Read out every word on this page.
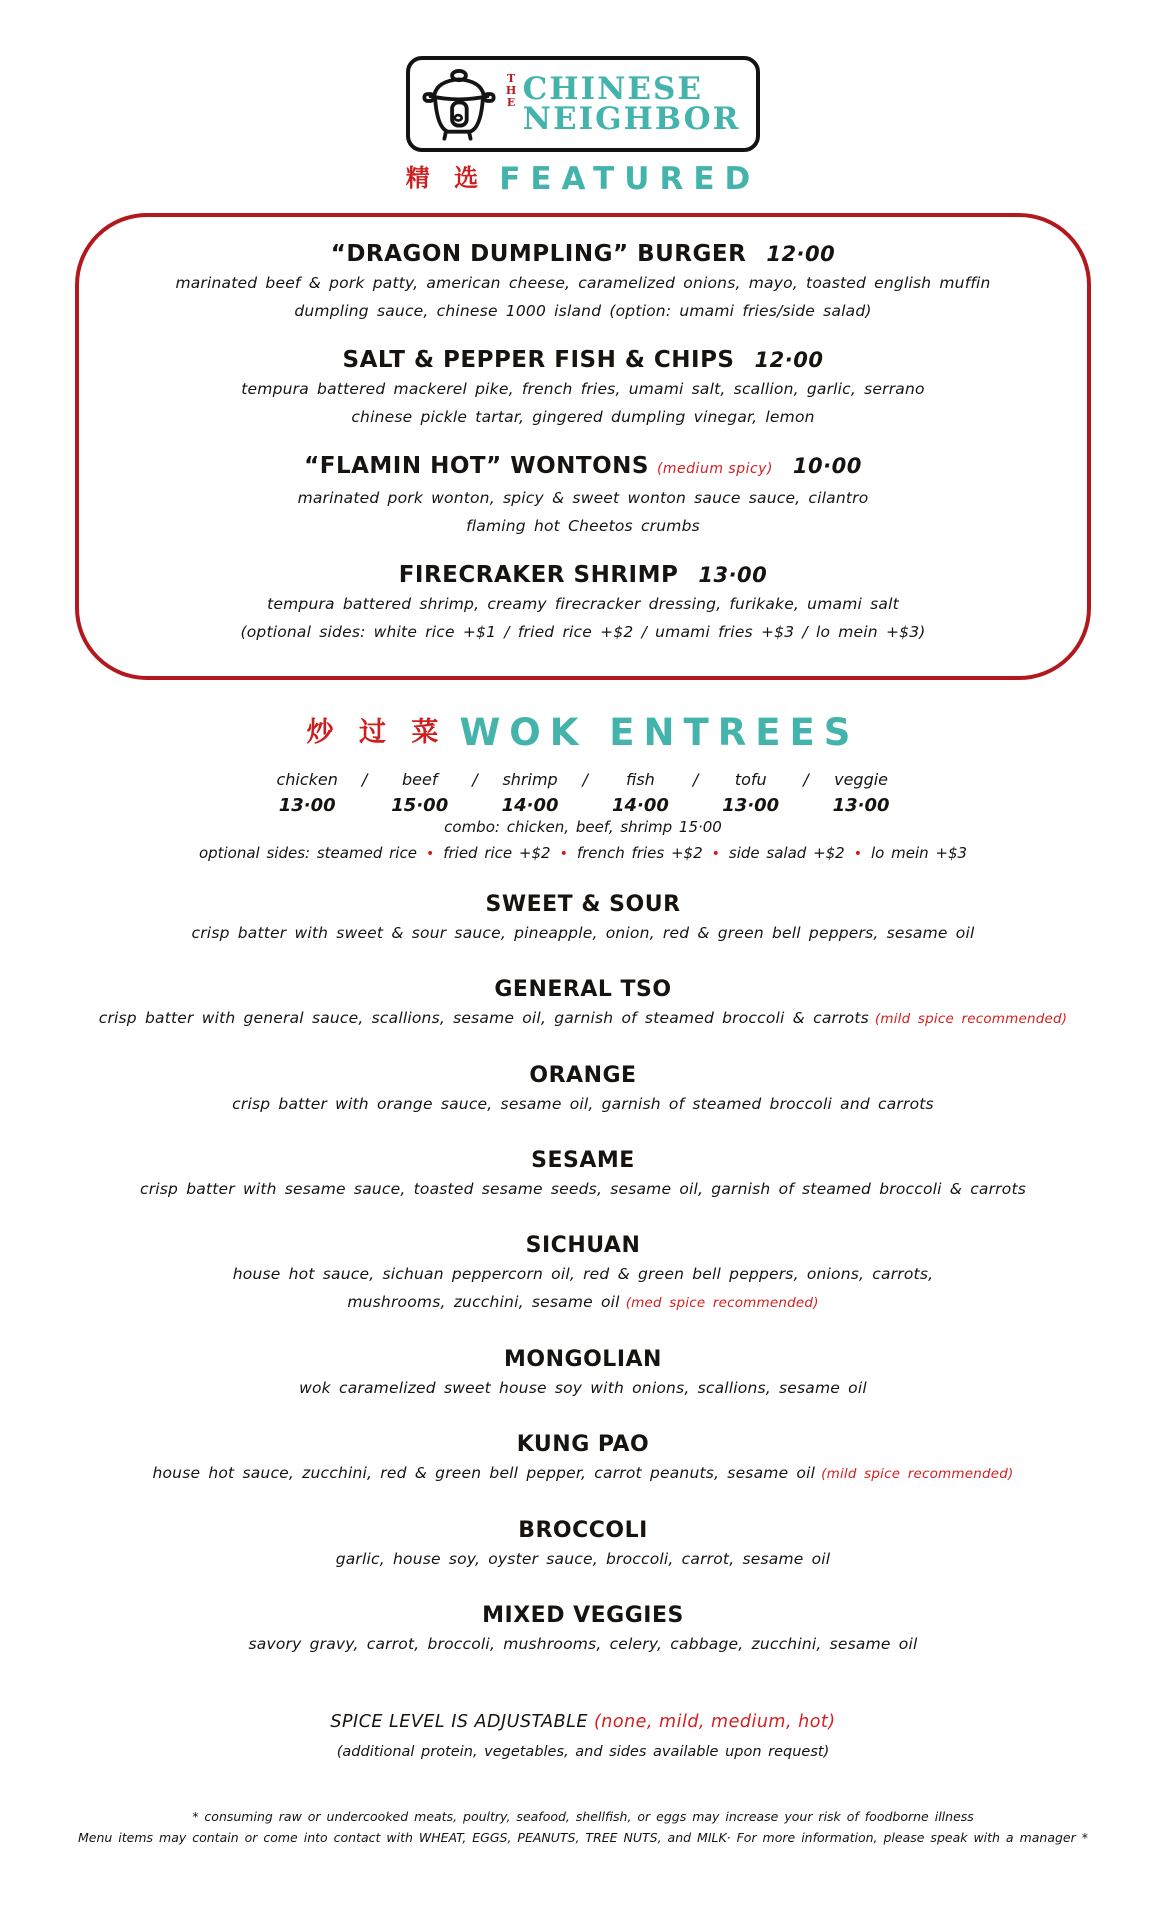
THE CHINESE
NEIGHBOR
精 选 FEATURED
“DRAGON DUMPLING” BURGER 12·00
marinated beef & pork patty, american cheese, caramelized onions, mayo, toasted english muffin
dumpling sauce, chinese 1000 island (option: umami fries/side salad)
SALT & PEPPER FISH & CHIPS 12·00
tempura battered mackerel pike, french fries, umami salt, scallion, garlic, serrano
chinese pickle tartar, gingered dumpling vinegar, lemon
“FLAMIN HOT” WONTONS (medium spicy) 10·00
marinated pork wonton, spicy & sweet wonton sauce sauce, cilantro
flaming hot Cheetos crumbs
FIRECRAKER SHRIMP 13·00
tempura battered shrimp, creamy firecracker dressing, furikake, umami salt
(optional sides: white rice +$1 / fried rice +$2 / umami fries +$3 / lo mein +$3)
炒 过 菜 WOK ENTREES
chicken / beef / shrimp / fish / tofu / veggie
13·00	15·00	14·00	14·00	13·00	13·00
combo: chicken, beef, shrimp 15·00
optional sides: steamed rice • fried rice +$2 • french fries +$2 • side salad +$2 • lo mein +$3
SWEET & SOUR
crisp batter with sweet & sour sauce, pineapple, onion, red & green bell peppers, sesame oil
GENERAL TSO
crisp batter with general sauce, scallions, sesame oil, garnish of steamed broccoli & carrots (mild spice recommended)
ORANGE
crisp batter with orange sauce, sesame oil, garnish of steamed broccoli and carrots
SESAME
crisp batter with sesame sauce, toasted sesame seeds, sesame oil, garnish of steamed broccoli & carrots
SICHUAN
house hot sauce, sichuan peppercorn oil, red & green bell peppers, onions, carrots,
mushrooms, zucchini, sesame oil (med spice recommended)
MONGOLIAN
wok caramelized sweet house soy with onions, scallions, sesame oil
KUNG PAO
house hot sauce, zucchini, red & green bell pepper, carrot peanuts, sesame oil (mild spice recommended)
BROCCOLI
garlic, house soy, oyster sauce, broccoli, carrot, sesame oil
MIXED VEGGIES
savory gravy, carrot, broccoli, mushrooms, celery, cabbage, zucchini, sesame oil
SPICE LEVEL IS ADJUSTABLE (none, mild, medium, hot)
(additional protein, vegetables, and sides available upon request)
* consuming raw or undercooked meats, poultry, seafood, shellfish, or eggs may increase your risk of foodborne illness
Menu items may contain or come into contact with WHEAT, EGGS, PEANUTS, TREE NUTS, and MILK· For more information, please speak with a manager *
